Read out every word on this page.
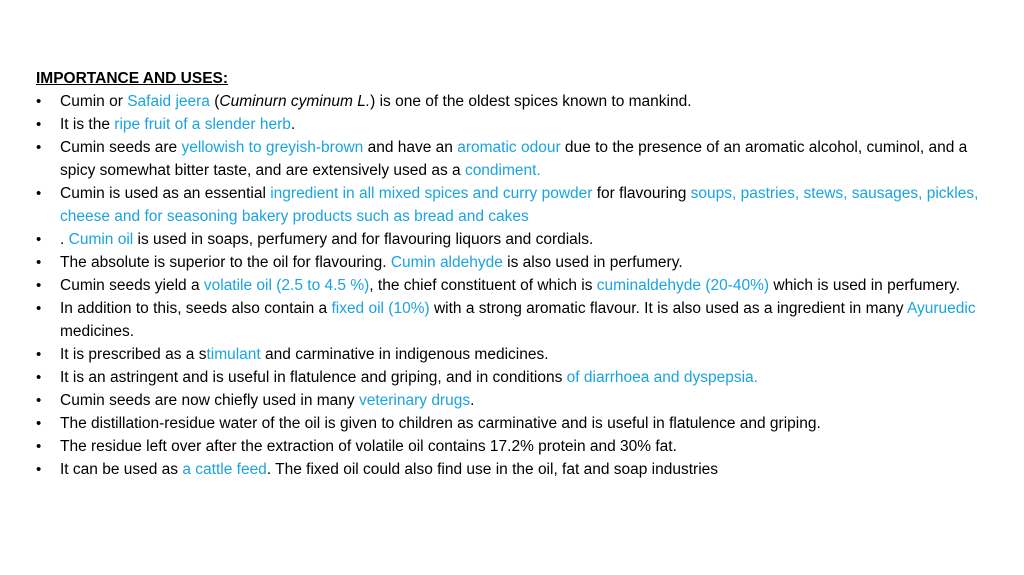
IMPORTANCE AND USES:

• Cumin or Safaid jeera (Cuminurn cyminum L.) is one of the oldest spices known to mankind.
• It is the ripe fruit of a slender herb.
• Cumin seeds are yellowish to greyish-brown and have an aromatic odour due to the presence of an aromatic alcohol, cuminol, and a spicy somewhat bitter taste, and are extensively used as a condiment.
• Cumin is used as an essential ingredient in all mixed spices and curry powder for flavouring soups, pastries, stews, sausages, pickles, cheese and for seasoning bakery products such as bread and cakes
• . Cumin oil is used in soaps, perfumery and for flavouring liquors and cordials.
• The absolute is superior to the oil for flavouring. Cumin aldehyde is also used in perfumery.
• Cumin seeds yield a volatile oil (2.5 to 4.5 %), the chief constituent of which is cuminaldehyde (20-40%) which is used in perfumery.
• In addition to this, seeds also contain a fixed oil (10%) with a strong aromatic flavour. It is also used as a ingredient in many Ayuruedic medicines.
• It is prescribed as a stimulant and carminative in indigenous medicines.
• It is an astringent and is useful in flatulence and griping, and in conditions of diarrhoea and dyspepsia.
• Cumin seeds are now chiefly used in many veterinary drugs.
• The distillation-residue water of the oil is given to children as carminative and is useful in flatulence and griping.
• The residue left over after the extraction of volatile oil contains 17.2% protein and 30% fat.
• It can be used as a cattle feed. The fixed oil could also find use in the oil, fat and soap industries
